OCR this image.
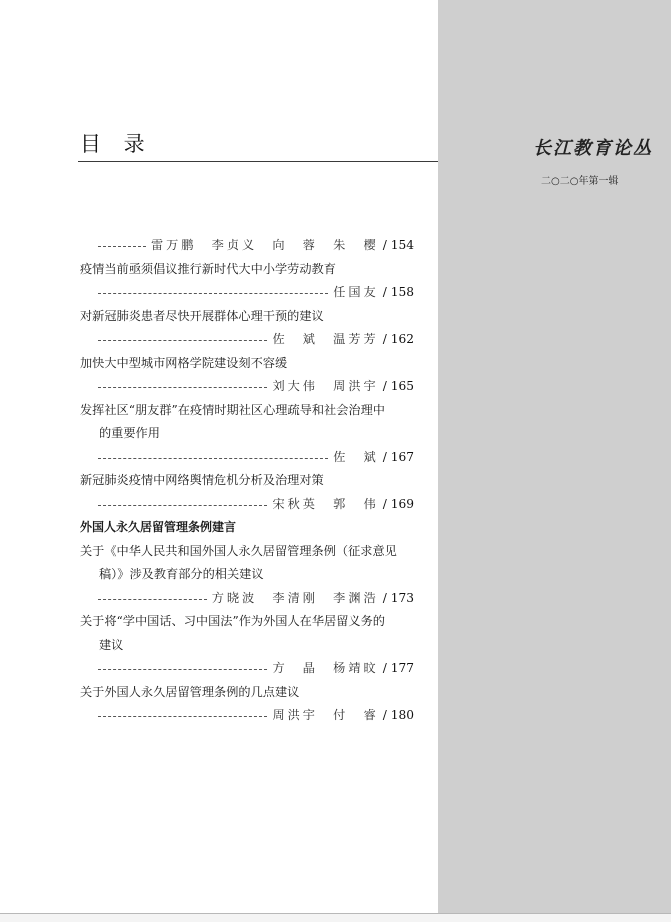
目 录	长江教育论丛
二○二○年第一辑
雷万鹏　李贞义　向　蓉　朱　樱 / 154
疫情当前亟须倡议推行新时代大中小学劳动教育
任国友 / 158
对新冠肺炎患者尽快开展群体心理干预的建议
佐　斌　温芳芳 / 162
加快大中型城市网格学院建设刻不容缓
刘大伟　周洪宇 / 165
发挥社区“朋友群”在疫情时期社区心理疏导和社会治理中
的重要作用
佐　斌 / 167
新冠肺炎疫情中网络舆情危机分析及治理对策
宋秋英　郭　伟 / 169
外国人永久居留管理条例建言
关于《中华人民共和国外国人永久居留管理条例（征求意见
稿）》涉及教育部分的相关建议
方晓波　李清刚　李渊浩 / 173
关于将“学中国话、习中国法”作为外国人在华居留义务的
建议
方　晶　杨靖旼 / 177
关于外国人永久居留管理条例的几点建议
周洪宇　付　睿 / 180
